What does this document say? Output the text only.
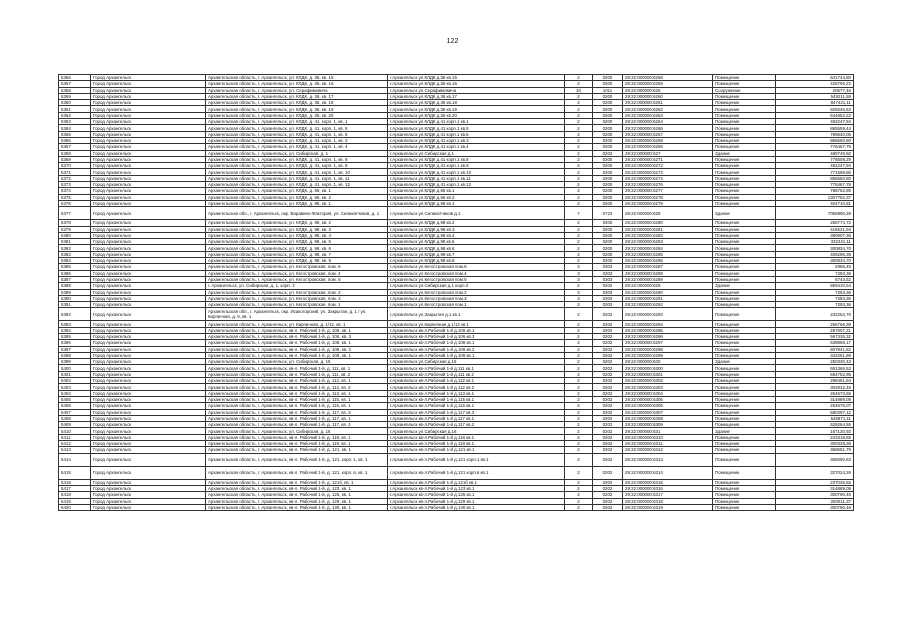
122
5356	Город Архангельск	Архангельская область, г. Архангельск, ул. КЛДК, д. 36, кв. 15	г.Архангельск ул.КЛДК д.36 кв.15	2	0200	29:22:000000:6258	Помещение	641744,80
5357	Город Архангельск	Архангельская область, г. Архангельск, ул. КЛДК, д. 36, кв. 16	г.Архангельск ул.КЛДК д.36 кв.16	2	0200	29:22:000000:6259	Помещение	425795,22
5358	Город Архангельск	Архангельская область, г. Архангельск, ул. Серафимовича	г.Архангельск ул.Серафимовича	10	1011	29:22:000000:626	Сооружение	20577,46
5359	Город Архангельск	Архангельская область, г. Архангельск, ул. КЛДК, д. 36, кв. 17	г.Архангельск ул.КЛДК д.36 кв.17	2	0200	29:22:000000:6260	Помещение	549211,59
5360	Город Архангельск	Архангельская область, г. Архангельск, ул. КЛДК, д. 36, кв. 18	г.Архангельск ул.КЛДК д.36 кв.18	2	0200	29:22:000000:6261	Помещение	847421,11
5361	Город Архангельск	Архангельская область, г. Архангельск, ул. КЛДК, д. 36, кв. 19	г.Архангельск ул.КЛДК д.36 кв.19	2	0200	29:22:000000:6262	Помещение	929246,63
5362	Город Архангельск	Архангельская область, г. Архангельск, ул. КЛДК, д. 36, кв. 20	г.Архангельск ул.КЛДК д.36 кв.20	2	0200	29:22:000000:6263	Помещение	644852,22
5363	Город Архангельск	Архангельская область, г. Архангельск, ул. КЛДК, д. 41, корп. 1, кв. 1	г.Архангельск ул.КЛДК д.41 корп.1 кв.1	2	0200	29:22:000000:6264	Помещение	492247,94
5364	Город Архангельск	Архангельская область, г. Архангельск, ул. КЛДК, д. 41, корп. 1, кв. 5	г.Архангельск ул.КЛДК д.41 корп.1 кв.5	2	0200	29:22:000000:6266	Помещение	865559,44
5365	Город Архангельск	Архангельская область, г. Архангельск, ул. КЛДК, д. 41, корп. 1, кв. 6	г.Архангельск ул.КЛДК д.41 корп.1 кв.6	2	0200	29:22:000000:6267	Помещение	789640,05
5366	Город Архангельск	Архангельская область, г. Архангельск, ул. КЛДК, д. 41, корп. 1, кв. 3	г.Архангельск ул.КЛДК д.41 корп.1 кв.3	2	0200	29:22:000000:6268	Помещение	865560,80
5367	Город Архангельск	Архангельская область, г. Архангельск, ул. КЛДК, д. 41, корп. 1, кв. 4	г.Архангельск ул.КЛДК д.41 корп.1 кв.4	2	0200	29:22:000000:6269	Помещение	776467,79
5368	Город Архангельск	Архангельская область, г. Архангельск, ул. Сибирская, д. 1	г.Архангельск ул.Сибирская д.1	2	0202	29:22:000000:627	Здание	489749,50
5369	Город Архангельск	Архангельская область, г. Архангельск, ул. КЛДК, д. 41, корп. 1, кв. 8	г.Архангельск ул.КЛДК д.41 корп.1 кв.8	2	0200	29:22:000000:6271	Помещение	776508,29
5370	Город Архангельск	Архангельская область, г. Архангельск, ул. КЛДК, д. 41, корп. 1, кв. 9	г.Архангельск ул.КЛДК д.41 корп.1 кв.9	2	0200	29:22:000000:6272	Помещение	492247,94
5371	Город Архангельск	Архангельская область, г. Архангельск, ул. КЛДК, д. 41, корп. 1, кв. 10	г.Архангельск ул.КЛДК д.41 корп.1 кв.10	2	0200	29:22:000000:6273	Помещение	771598,86
5372	Город Архангельск	Архангельская область, г. Архангельск, ул. КЛДК, д. 41, корп. 1, кв. 11	г.Архангельск ул.КЛДК д.41 корп.1 кв.11	2	0200	29:22:000000:6274	Помещение	865550,80
5373	Город Архангельск	Архангельская область, г. Архангельск, ул. КЛДК, д. 41, корп. 1, кв. 12	г.Архангельск ул.КЛДК д.41 корп.1 кв.12	2	0200	29:22:000000:6276	Помещение	778467,79
5374	Город Архангельск	Архангельская область, г. Архангельск, ул. КЛДК, д. 66, кв. 1	г.Архангельск ул.КЛДК д.66 кв.1	2	0200	29:22:000000:6277	Помещение	788752,86
5375	Город Архангельск	Архангельская область, г. Архангельск, ул. КЛДК, д. 66, кв. 2	г.Архангельск ул.КЛДК д.66 кв.2	2	0200	29:22:000000:6278	Помещение	1307752,37
5376	Город Архангельск	Архангельская область, г. Архангельск, ул. КЛДК, д. 98, кв. 1	г.Архангельск ул.КЛДК д.98 кв.1	2	0200	29:22:000000:6279	Помещение	404710,81
5377	Город Архангельск	Архангельская обл., г. Архангельск, окр. Варавино-Фактория, ул. Силикатчиков, д. 1	г.Архангельск ул.Силикатчиков д.1	7	0723	29:22:000000:628	Здание	7059990,28
5378	Город Архангельск	Архангельская область, г. Архангельск, ул. КЛДК, д. 98, кв. 2	г.Архангельск ул.КЛДК д.98 кв.2	2	0200	29:22:000000:6280	Помещение	256774,72
5379	Город Архангельск	Архангельская область, г. Архангельск, ул. КЛДК, д. 98, кв. 3	г.Архангельск ул.КЛДК д.98 кв.3	2	0200	29:22:000000:6281	Помещение	416521,94
5380	Город Архангельск	Архангельская область, г. Архангельск, ул. КЛДК, д. 98, кв. 4	г.Архангельск ул.КЛДК д.98 кв.4	2	0200	29:22:000000:6282	Помещение	380907,36
5381	Город Архангельск	Архангельская область, г. Архангельск, ул. КЛДК, д. 98, кв. 5	г.Архангельск ул.КЛДК д.98 кв.5	2	0200	29:22:000000:6283	Помещение	332441,11
5382	Город Архангельск	Архангельская область, г. Архангельск, ул. КЛДК, д. 98, кв. 6	г.Архангельск ул.КЛДК д.98 кв.6	2	0200	29:22:000000:6284	Помещение	300834,70
5383	Город Архангельск	Архангельская область, г. Архангельск, ул. КЛДК, д. 98, кв. 7	г.Архангельск ул.КЛДК д.98 кв.7	2	0200	29:22:000000:6285	Помещение	408296,39
5384	Город Архангельск	Архангельская область, г. Архангельск, ул. КЛДК, д. 98, кв. 8	г.Архангельск ул.КЛДК д.98 кв.8	2	0200	29:22:000000:6286	Помещение	300834,70
5385	Город Архангельск	Архангельская область, г. Архангельск, ул. Кегостровская, пом. 6	г.Архангельск ул.Кегостровская пом.6	3	0303	29:22:000000:6287	Помещение	2066,45
5386	Город Архангельск	Архангельская область, г. Архангельск, ул. Кегостровская, пом. 4	г.Архангельск ул.Кегостровская пом.4	3	0303	29:22:000000:6288	Помещение	7293,36
5387	Город Архангельск	Архангельская область, г. Архангельск, ул. Кегостровская, пом. 5	г.Архангельск ул.Кегостровская пом.5	3	0303	29:22:000000:6289	Помещение	5743,52
5388	Город Архангельск	г. Архангельск, ул. Сибирская, д. 1, корп. 3	г.Архангельск ул.Сибирская д.1 корп.3	2	0202	29:22:000000:629	Здание	859410,64
5389	Город Архангельск	Архангельская область, г. Архангельск, ул. Кегостровская, пом. 2	г.Архангельск ул.Кегостровская пом.2	3	0303	29:22:000000:6290	Помещение	7293,36
5390	Город Архангельск	Архангельская область, г. Архангельск, ул. Кегостровская, пом. 3	г.Архангельск ул.Кегостровская пом.3	3	0303	29:22:000000:6291	Помещение	7293,36
5391	Город Архангельск	Архангельская область, г. Архангельск, ул. Кегостровская, пом. 1	г.Архангельск ул.Кегостровская пом.1	3	0303	29:22:000000:6292	Помещение	7293,36
5392	Город Архангельск	Архангельская обл., г. Архангельск, окр. Исакогорский, ул. Закрытая, д. 1 / ул. Кирпичная, д. 9, кв. 1	г.Архангельск ул.Закрытая д.1 кв.1	2	0202	29:22:000000:6293	Помещение	232253,70
5393	Город Архангельск	Архангельская область, г. Архангельск, ул. Кирпичная, д. 1/12, кв. 1	г.Архангельск ул.Кирпичная д.1/12 кв.1	2	0202	29:22:000000:6294	Помещение	266766,39
5394	Город Архангельск	Архангельская область, г. Архангельск, кв-л. Рабочий 1-й, д. 106, кв. 1	г.Архангельск кв-л.Рабочий 1-й д.106 кв.1	2	0202	29:22:000000:6295	Помещение	257607,21
5395	Город Архангельск	Архангельская область, г. Архангельск, кв-л. Рабочий 1-й, д. 106, кв. 3	г.Архангельск кв-л.Рабочий 1-й д.106 кв.3	2	0202	29:22:000000:6296	Помещение	567335,32
5396	Город Архангельск	Архангельская область, г. Архангельск, кв-л. Рабочий 1-й, д. 108, кв. 1	г.Архангельск кв-л.Рабочий 1-й д.108 кв.1	2	0202	29:22:000000:6297	Помещение	539858,17
5397	Город Архангельск	Архангельская область, г. Архангельск, кв-л. Рабочий 1-й, д. 108, кв. 2	г.Архангельск кв-л.Рабочий 1-й д.108 кв.2	2	0202	29:22:000000:6298	Помещение	607941,62
5398	Город Архангельск	Архангельская область, г. Архангельск, кв-л. Рабочий 1-й, д. 109, кв. 1	г.Архангельск кв-л.Рабочий 1-й д.109 кв.1	2	0202	29:22:000000:6299	Помещение	342251,69
5399	Город Архангельск	Архангельская область, г. Архангельск, ул. Сибирская, д. 15	г.Архангельск ул.Сибирская д.15	2	0202	29:22:000000:630	Здание	250330,43
5400	Город Архангельск	Архангельская область, г. Архангельск, кв-л. Рабочий 1-й, д. 111, кв. 1	г.Архангельск кв-л.Рабочий 1-й д.111 кв.1	2	0202	29:22:000000:6300	Помещение	651366,53
5401	Город Архангельск	Архангельская область, г. Архангельск, кв-л. Рабочий 1-й, д. 111, кв. 2	г.Архангельск кв-л.Рабочий 1-й д.111 кв.2	2	0202	29:22:000000:6301	Помещение	684752,95
5402	Город Архангельск	Архангельская область, г. Архангельск, кв-л. Рабочий 1-й, д. 112, кв. 1	г.Архангельск кв-л.Рабочий 1-й д.112 кв.1	2	0202	29:22:000000:6302	Помещение	298461,64
5403	Город Архангельск	Архангельская область, г. Архангельск, кв-л. Рабочий 1-й, д. 112, кв. 2	г.Архангельск кв-л.Рабочий 1-й д.112 кв.2	2	0202	29:22:000000:6303	Помещение	302932,45
5404	Город Архангельск	Архангельская область, г. Архангельск, кв-л. Рабочий 1-й, д. 113, кв. 1	г.Архангельск кв-л.Рабочий 1-й д.113 кв.1	2	0202	29:22:000000:6304	Помещение	264673,65
5405	Город Архангельск	Архангельская область, г. Архангельск, кв-л. Рабочий 1-й, д. 115, кв. 1	г.Архангельск кв-л.Рабочий 1-й д.115 кв.1	2	0202	29:22:000000:6305	Помещение	314889,09
5406	Город Архангельск	Архангельская область, г. Архангельск, кв-л. Рабочий 1-й, д. 116, кв. 1	г.Архангельск кв-л.Рабочий 1-й д.116 кв.1	2	0202	29:22:000000:6306	Помещение	254675,07
5407	Город Архангельск	Архангельская область, г. Архангельск, кв-л. Рабочий 1-й, д. 117, кв. 3	г.Архангельск кв-л.Рабочий 1-й д.117 кв.3	2	0202	29:22:000000:6307	Помещение	580397,12
5408	Город Архангельск	Архангельская область, г. Архангельск, кв-л. Рабочий 1-й, д. 117, кв. 1	г.Архангельск кв-л.Рабочий 1-й д.117 кв.1	2	0202	29:22:000000:6308	Помещение	546871,11
5409	Город Архангельск	Архангельская область, г. Архангельск, кв-л. Рабочий 1-й, д. 117, кв. 2	г.Архангельск кв-л.Рабочий 1-й д.117 кв.2	2	0202	29:22:000000:6309	Помещение	529264,55
5410	Город Архангельск	Архангельская область, г. Архангельск, ул. Сибирская, д. 16	г.Архангельск ул.Сибирская д.16	2	0202	29:22:000000:631	Здание	167120,92
5411	Город Архангельск	Архангельская область, г. Архангельск, кв-л. Рабочий 1-й, д. 118, кв. 1	г.Архангельск кв-л.Рабочий 1-й д.118 кв.1	2	0202	29:22:000000:6310	Помещение	233318,65
5412	Город Архангельск	Архангельская область, г. Архангельск, кв-л. Рабочий 1-й, д. 119, кв. 1	г.Архангельск кв-л.Рабочий 1-й д.119 кв.1	2	0202	29:22:000000:6311	Помещение	300328,38
5413	Город Архангельск	Архангельская область, г. Архангельск, кв-л. Рабочий 1-й, д. 121, кв. 1	г.Архангельск кв-л.Рабочий 1-й д.121 кв.1	2	0202	29:22:000000:6312	Помещение	368551,79
5414	Город Архангельск	Архангельская область, г. Архангельск, кв-л. Рабочий 1-й, д. 121, корп. 1, кв. 1	г.Архангельск кв-л.Рабочий 1-й д.121 корп.1 кв.1	2	0202	29:22:000000:6313	Помещение	365090,63
5415	Город Архангельск	Архангельская область, г. Архангельск, кв-л. Рабочий 1-й, д. 121, корп. в, кв. 1	г.Архангельск кв-л.Рабочий 1-й д.121 корп.в кв.1	2	0202	29:22:000000:6314	Помещение	327024,26
5416	Город Архангельск	Архангельская область, г. Архангельск, кв-л. Рабочий 1-й, д. 121б, кв. 1	г.Архангельск кв-л.Рабочий 1-й д.121б кв.1	2	0202	29:22:000000:6315	Помещение	237036,55
5417	Город Архангельск	Архангельская область, г. Архангельск, кв-л. Рабочий 1-й, д. 123, кв. 1	г.Архангельск кв-л.Рабочий 1-й д.123 кв.1	2	0202	29:22:000000:6316	Помещение	314889,09
5418	Город Архангельск	Архангельская область, г. Архангельск, кв-л. Рабочий 1-й, д. 125, кв. 1	г.Архангельск кв-л.Рабочий 1-й д.125 кв.1	2	0202	29:22:000000:6317	Помещение	300790,46
5419	Город Архангельск	Архангельская область, г. Архангельск, кв-л. Рабочий 1-й, д. 129, кв. 1	г.Архангельск кв-л.Рабочий 1-й д.129 кв.1	2	0202	29:22:000000:6318	Помещение	250011,37
5420	Город Архангельск	Архангельская область, г. Архангельск, кв-л. Рабочий 1-й, д. 130, кв. 1	г.Архангельск кв-л.Рабочий 1-й д.130 кв.1	2	0202	29:22:000000:6319	Помещение	300790,46
